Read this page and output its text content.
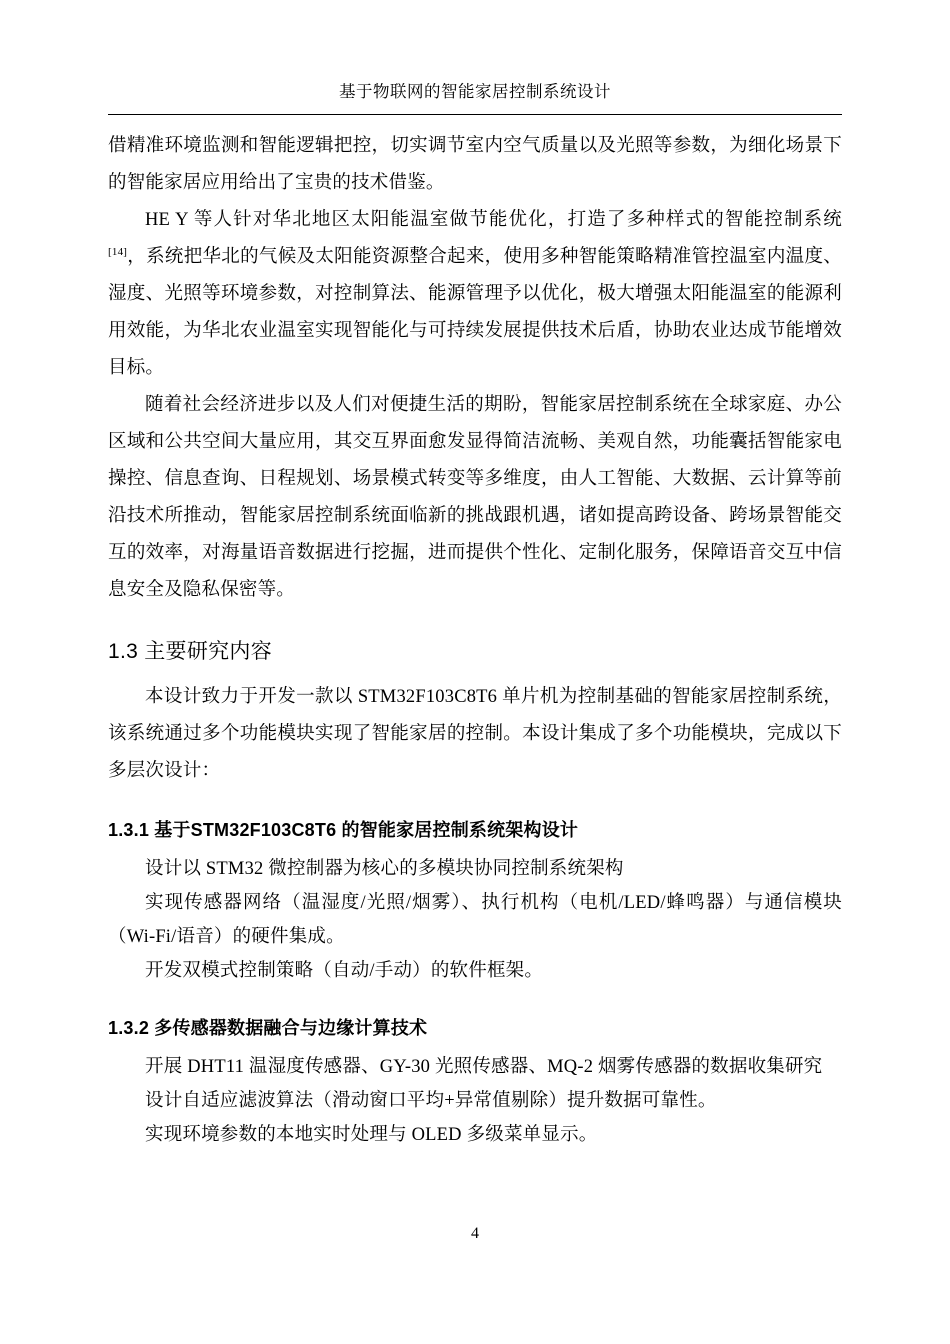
基于物联网的智能家居控制系统设计

借精准环境监测和智能逻辑把控，切实调节室内空气质量以及光照等参数，为细化场景下的智能家居应用给出了宝贵的技术借鉴。

HE Y 等人针对华北地区太阳能温室做节能优化，打造了多种样式的智能控制系统[14]，系统把华北的气候及太阳能资源整合起来，使用多种智能策略精准管控温室内温度、湿度、光照等环境参数，对控制算法、能源管理予以优化，极大增强太阳能温室的能源利用效能，为华北农业温室实现智能化与可持续发展提供技术后盾，协助农业达成节能增效目标。

随着社会经济进步以及人们对便捷生活的期盼，智能家居控制系统在全球家庭、办公区域和公共空间大量应用，其交互界面愈发显得简洁流畅、美观自然，功能囊括智能家电操控、信息查询、日程规划、场景模式转变等多维度，由人工智能、大数据、云计算等前沿技术所推动，智能家居控制系统面临新的挑战跟机遇，诸如提高跨设备、跨场景智能交互的效率，对海量语音数据进行挖掘，进而提供个性化、定制化服务，保障语音交互中信息安全及隐私保密等。

1.3 主要研究内容

本设计致力于开发一款以 STM32F103C8T6 单片机为控制基础的智能家居控制系统，该系统通过多个功能模块实现了智能家居的控制。本设计集成了多个功能模块，完成以下多层次设计：

1.3.1 基于STM32F103C8T6 的智能家居控制系统架构设计

设计以 STM32 微控制器为核心的多模块协同控制系统架构

实现传感器网络（温湿度/光照/烟雾）、执行机构（电机/LED/蜂鸣器）与通信模块（Wi-Fi/语音）的硬件集成。

开发双模式控制策略（自动/手动）的软件框架。

1.3.2 多传感器数据融合与边缘计算技术

开展 DHT11 温湿度传感器、GY-30 光照传感器、MQ-2 烟雾传感器的数据收集研究

设计自适应滤波算法（滑动窗口平均+异常值剔除）提升数据可靠性。

实现环境参数的本地实时处理与 OLED 多级菜单显示。

4
